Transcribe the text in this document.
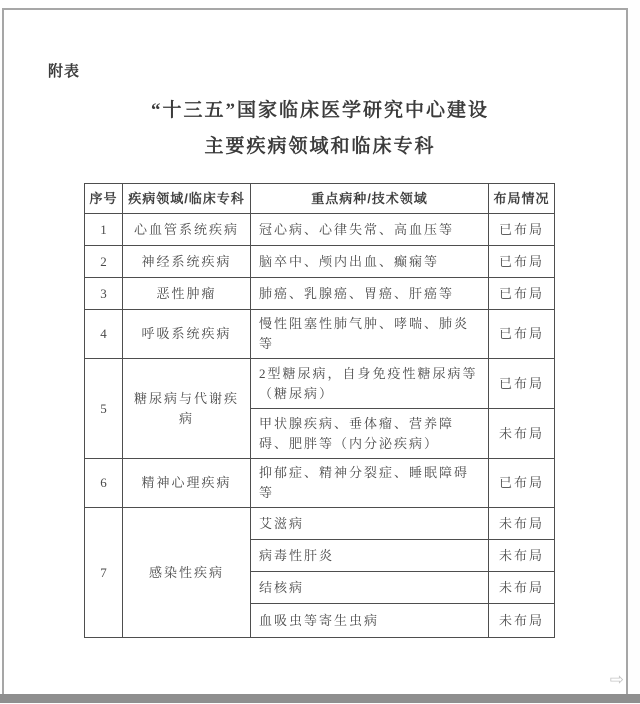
附表
“十三五”国家临床医学研究中心建设
主要疾病领域和临床专科
序号	疾病领域/临床专科	重点病种/技术领域	布局情况
1	心血管系统疾病	冠心病、心律失常、高血压等	已布局
2	神经系统疾病	脑卒中、颅内出血、癫痫等	已布局
3	恶性肿瘤	肺癌、乳腺癌、胃癌、肝癌等	已布局
4	呼吸系统疾病	慢性阻塞性肺气肿、哮喘、肺炎等	已布局
5	糖尿病与代谢疾病	2型糖尿病，自身免疫性糖尿病等（糖尿病）	已布局
		甲状腺疾病、垂体瘤、营养障碍、肥胖等（内分泌疾病）	未布局
6	精神心理疾病	抑郁症、精神分裂症、睡眠障碍等	已布局
7	感染性疾病	艾滋病	未布局
		病毒性肝炎	未布局
		结核病	未布局
		血吸虫等寄生虫病	未布局
⇨
